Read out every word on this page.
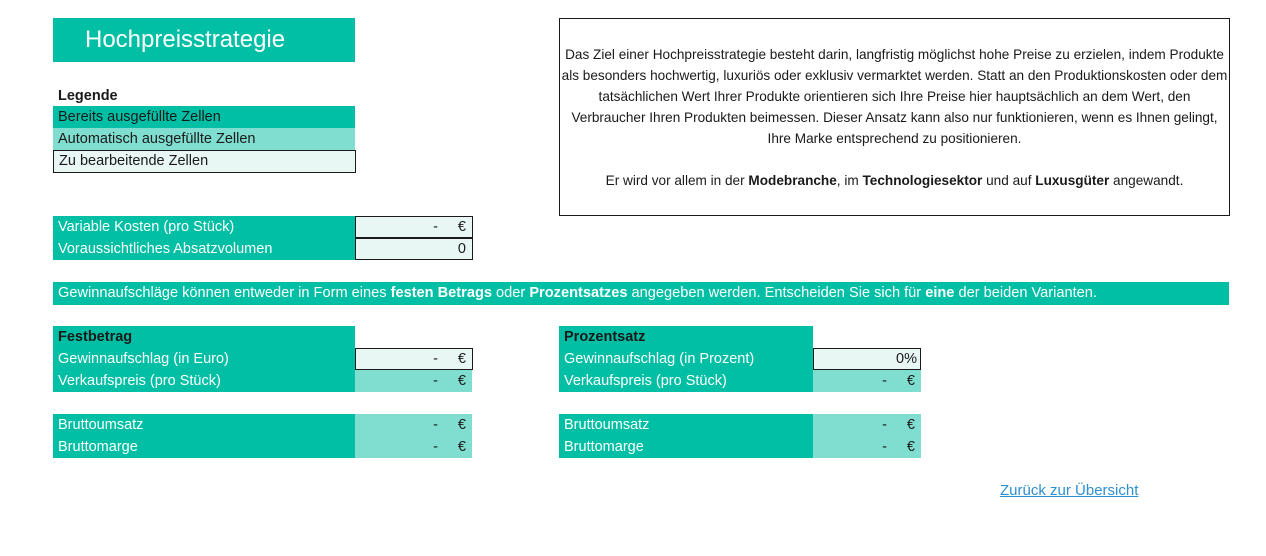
Hochpreisstrategie
Legende
Bereits ausgefüllte Zellen
Automatisch ausgefüllte Zellen
Zu bearbeitende Zellen

Das Ziel einer Hochpreisstrategie besteht darin, langfristig möglichst hohe Preise zu erzielen, indem Produkte als besonders hochwertig, luxuriös oder exklusiv vermarktet werden. Statt an den Produktionskosten oder dem tatsächlichen Wert Ihrer Produkte orientieren sich Ihre Preise hier hauptsächlich an dem Wert, den Verbraucher Ihren Produkten beimessen. Dieser Ansatz kann also nur funktionieren, wenn es Ihnen gelingt, Ihre Marke entsprechend zu positionieren.

Er wird vor allem in der Modebranche, im Technologiesektor und auf Luxusgüter angewandt.

Variable Kosten (pro Stück)	- €
Voraussichtliches Absatzvolumen	0
Gewinnaufschläge können entweder in Form eines festen Betrags oder Prozentsatzes angegeben werden. Entscheiden Sie sich für eine der beiden Varianten.
Festbetrag
Gewinnaufschlag (in Euro)	- €
Verkaufspreis (pro Stück)	- €
Bruttoumsatz	- €
Bruttomarge	- €
Prozentsatz
Gewinnaufschlag (in Prozent)	0%
Verkaufspreis (pro Stück)	- €
Bruttoumsatz	- €
Bruttomarge	- €
Zurück zur Übersicht
